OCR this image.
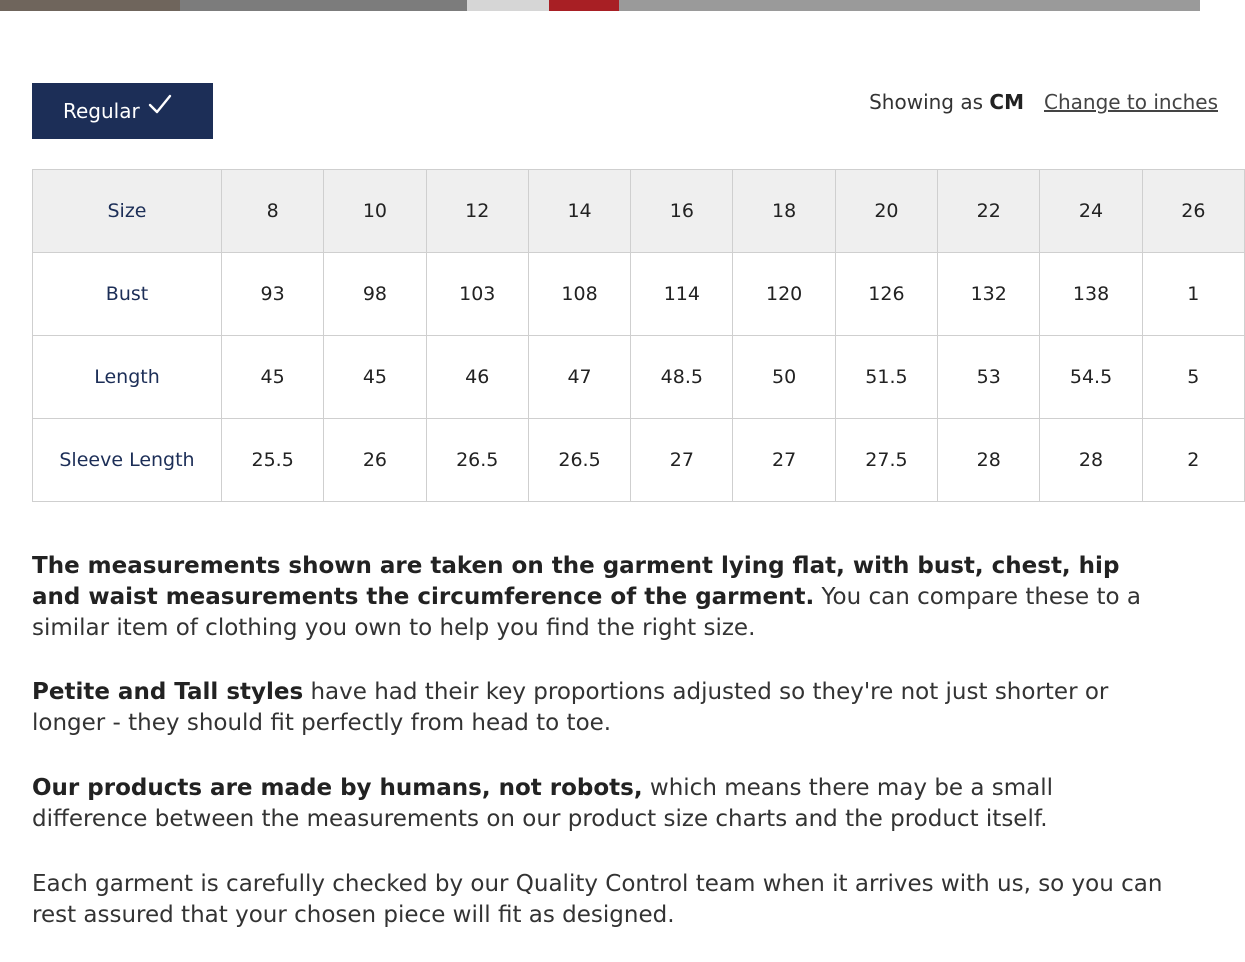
Regular	Showing as CM Change to inches
Size	8	10	12	14	16	18	20	22	24	26
Bust	93	98	103	108	114	120	126	132	138	1
Length	45	45	46	47	48.5	50	51.5	53	54.5	5
Sleeve Length	25.5	26	26.5	26.5	27	27	27.5	28	28	2

The measurements shown are taken on the garment lying flat, with bust, chest, hip and waist measurements the circumference of the garment. You can compare these to a similar item of clothing you own to help you find the right size.

Petite and Tall styles have had their key proportions adjusted so they're not just shorter or longer - they should fit perfectly from head to toe.

Our products are made by humans, not robots, which means there may be a small difference between the measurements on our product size charts and the product itself.

Each garment is carefully checked by our Quality Control team when it arrives with us, so you can rest assured that your chosen piece will fit as designed.
